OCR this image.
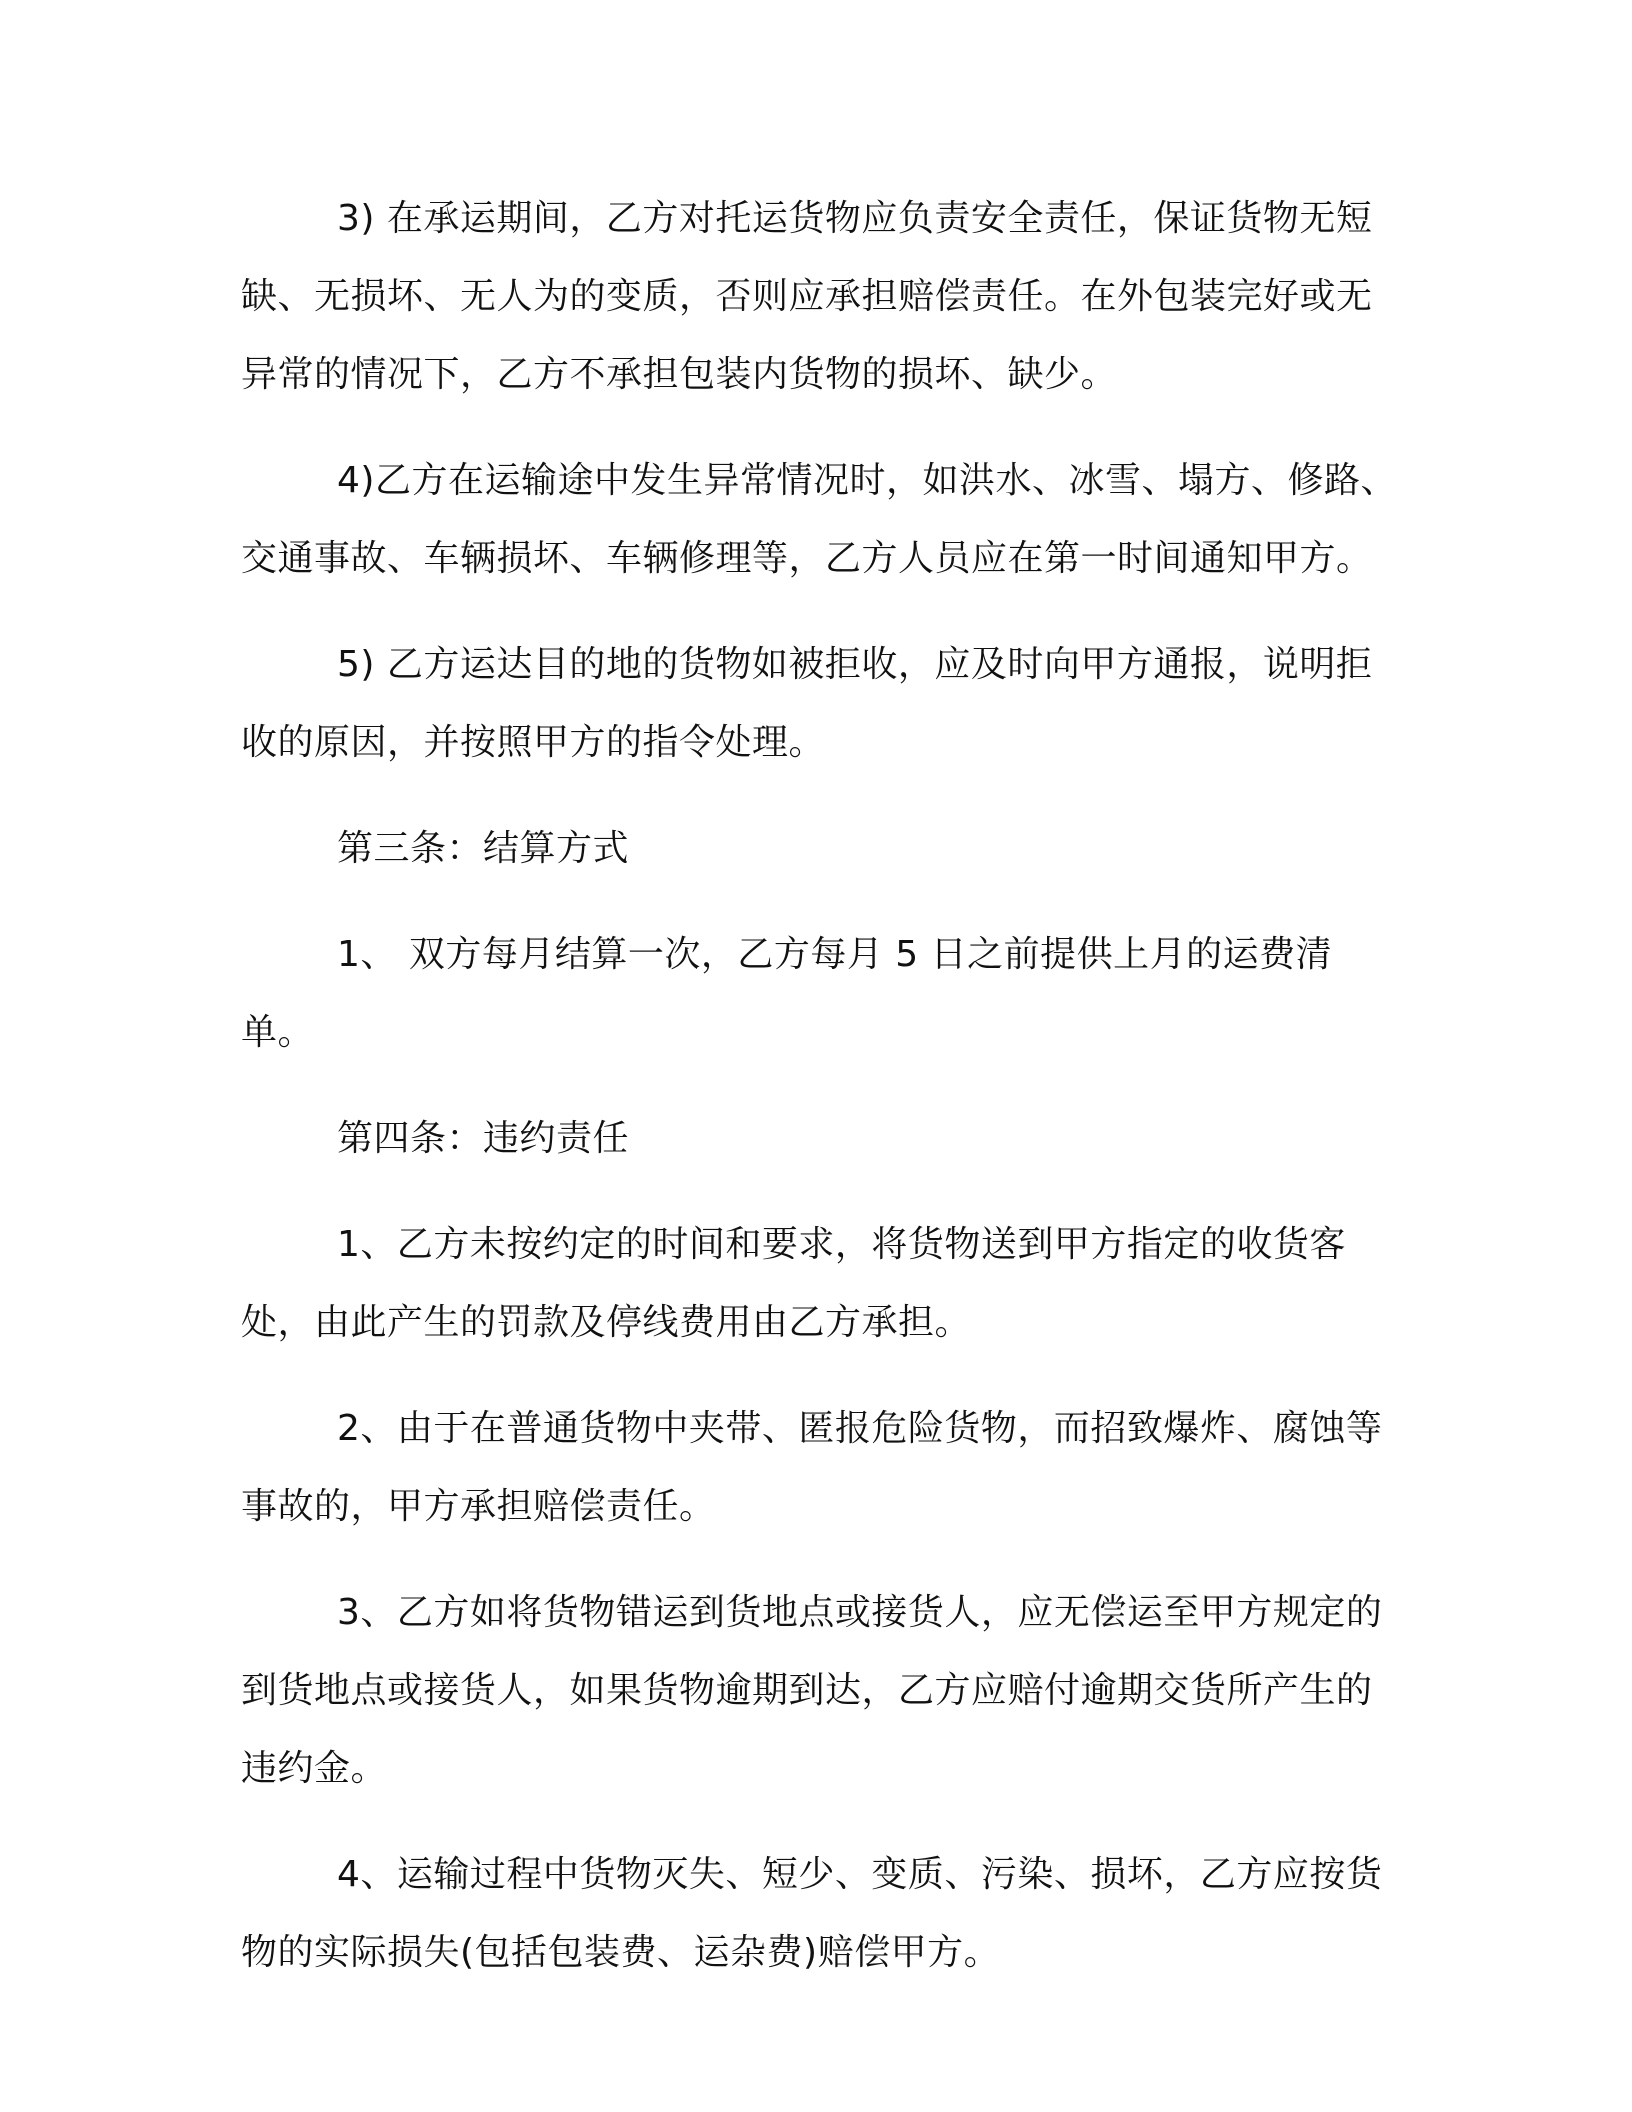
3) 在承运期间，乙方对托运货物应负责安全责任，保证货物无短缺、无损坏、无人为的变质，否则应承担赔偿责任。在外包装完好或无异常的情况下，乙方不承担包装内货物的损坏、缺少。

4)乙方在运输途中发生异常情况时，如洪水、冰雪、塌方、修路、交通事故、车辆损坏、车辆修理等，乙方人员应在第一时间通知甲方。

5) 乙方运达目的地的货物如被拒收，应及时向甲方通报，说明拒收的原因，并按照甲方的指令处理。

第三条：结算方式

1、 双方每月结算一次，乙方每月 5 日之前提供上月的运费清单。

第四条：违约责任

1、乙方未按约定的时间和要求，将货物送到甲方指定的收货客处，由此产生的罚款及停线费用由乙方承担。

2、由于在普通货物中夹带、匿报危险货物，而招致爆炸、腐蚀等事故的，甲方承担赔偿责任。

3、乙方如将货物错运到货地点或接货人，应无偿运至甲方规定的到货地点或接货人，如果货物逾期到达，乙方应赔付逾期交货所产生的违约金。

4、运输过程中货物灭失、短少、变质、污染、损坏，乙方应按货物的实际损失(包括包装费、运杂费)赔偿甲方。
